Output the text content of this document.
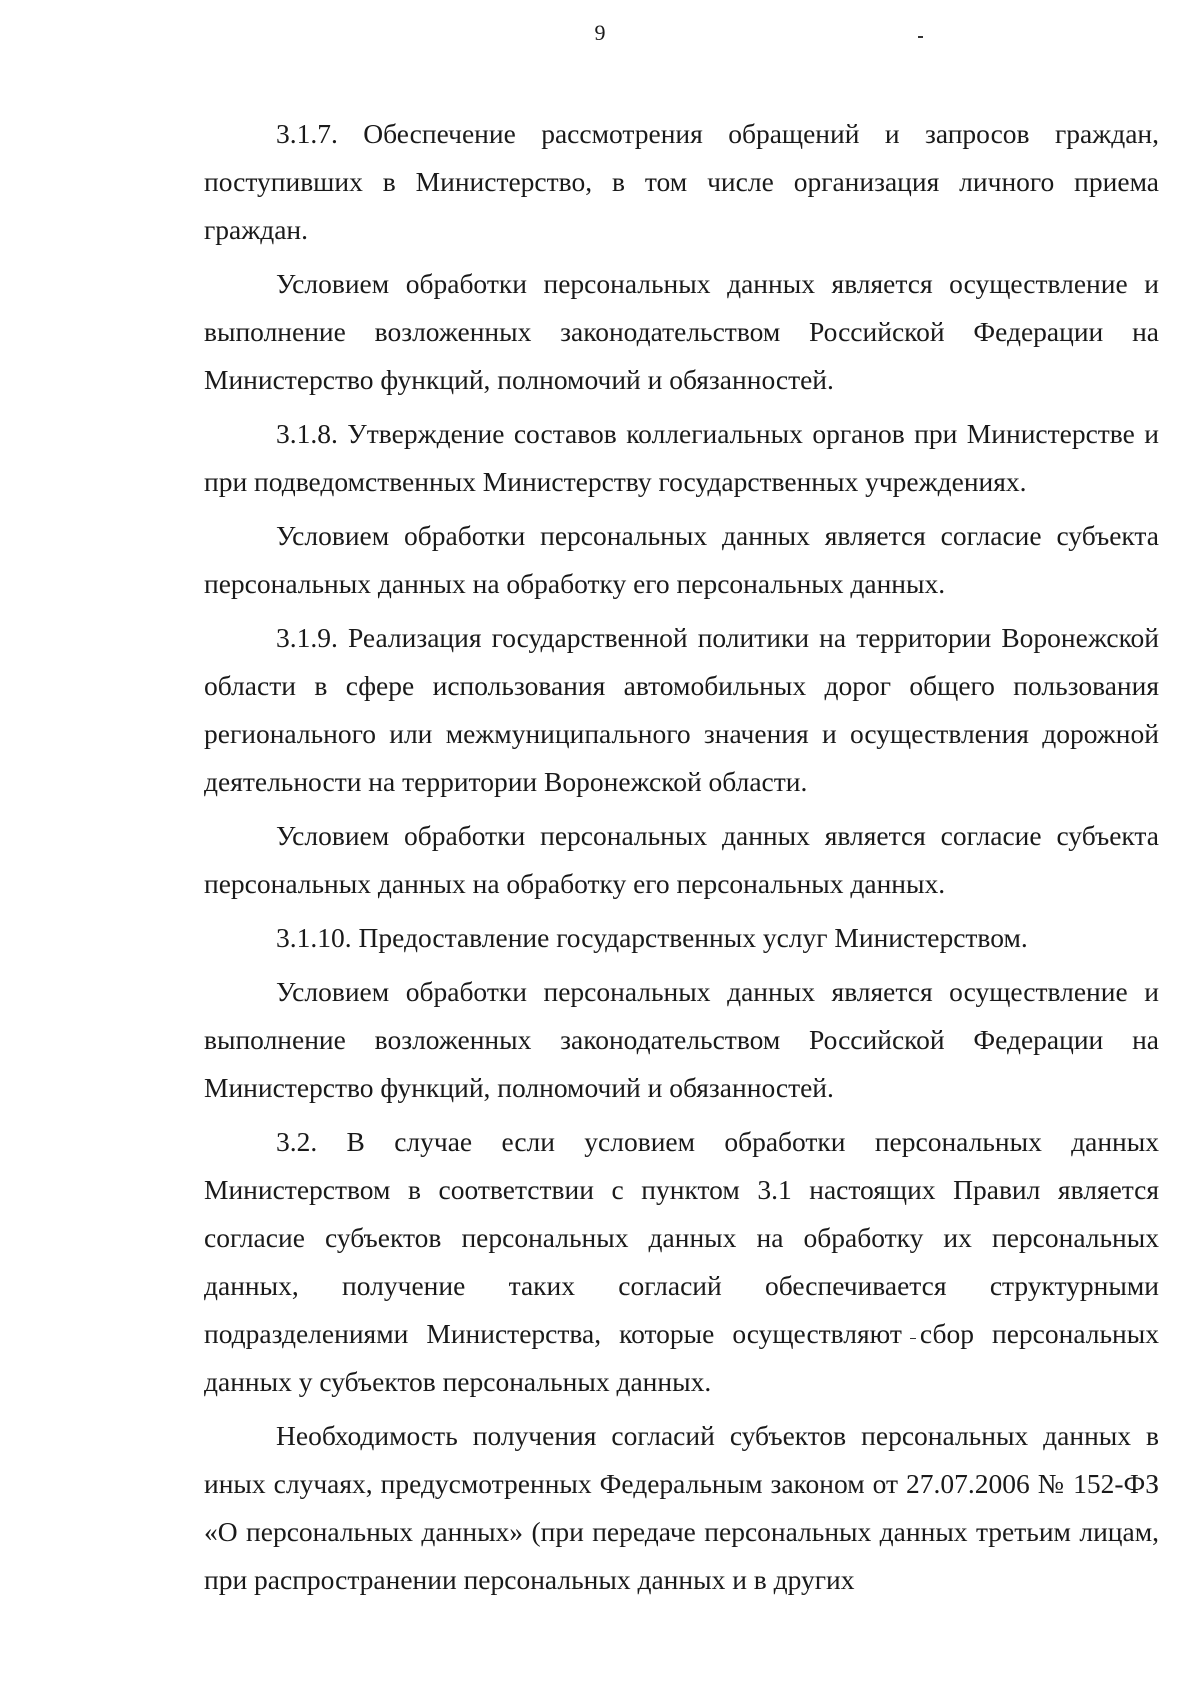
9

3.1.7. Обеспечение рассмотрения обращений и запросов граждан, поступивших в Министерство, в том числе организация личного приема граждан.

Условием обработки персональных данных является осуществление и выполнение возложенных законодательством Российской Федерации на Министерство функций, полномочий и обязанностей.

3.1.8. Утверждение составов коллегиальных органов при Министерстве и при подведомственных Министерству государственных учреждениях.

Условием обработки персональных данных является согласие субъекта персональных данных на обработку его персональных данных.

3.1.9. Реализация государственной политики на территории Воронежской области в сфере использования автомобильных дорог общего пользования регионального или межмуниципального значения и осуществления дорожной деятельности на территории Воронежской области.

Условием обработки персональных данных является согласие субъекта персональных данных на обработку его персональных данных.

3.1.10. Предоставление государственных услуг Министерством.

Условием обработки персональных данных является осуществление и выполнение возложенных законодательством Российской Федерации на Министерство функций, полномочий и обязанностей.

3.2. В случае если условием обработки персональных данных Министерством в соответствии с пунктом 3.1 настоящих Правил является согласие субъектов персональных данных на обработку их персональных данных, получение таких согласий обеспечивается структурными подразделениями Министерства, которые осуществляют сбор персональных данных у субъектов персональных данных.

Необходимость получения согласий субъектов персональных данных в иных случаях, предусмотренных Федеральным законом от 27.07.2006 № 152-ФЗ «О персональных данных» (при передаче персональных данных третьим лицам, при распространении персональных данных и в других
